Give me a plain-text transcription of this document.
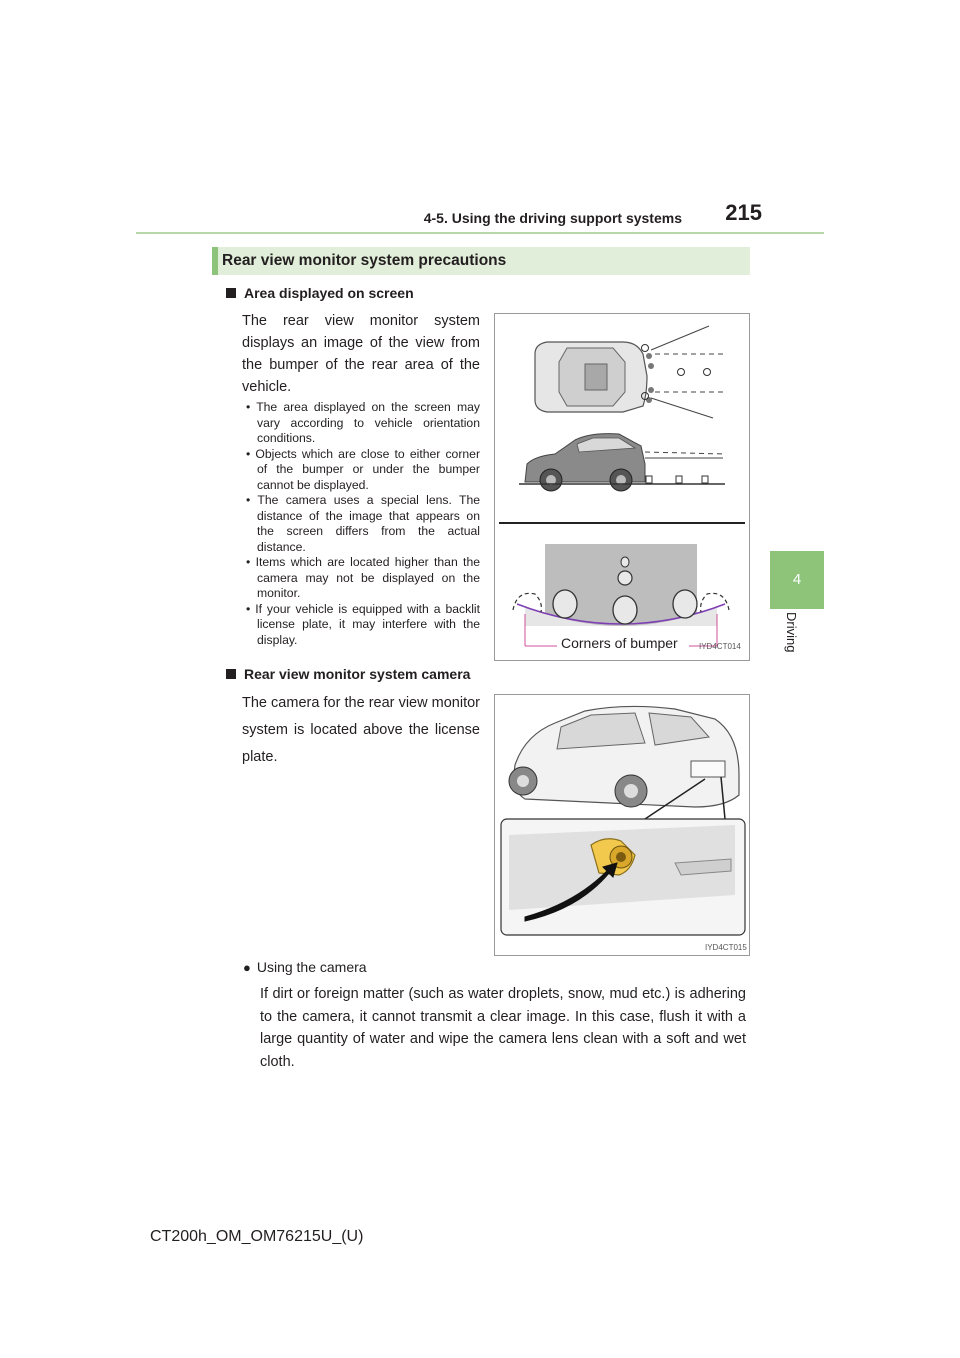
4-5. Using the driving support systems	215
4
Driving
Rear view monitor system precautions
Area displayed on screen
The rear view monitor system displays an image of the view from the bumper of the rear area of the vehicle.
• The area displayed on the screen may vary according to vehicle orientation conditions.
• Objects which are close to either corner of the bumper or under the bumper cannot be displayed.
• The camera uses a special lens. The distance of the image that appears on the screen differs from the actual distance.
• Items which are located higher than the camera may not be displayed on the monitor.
• If your vehicle is equipped with a backlit license plate, it may interfere with the display.	Corners of bumper	IYD4CT014
Rear view monitor system camera
The camera for the rear view monitor system is located above the license plate.
IYD4CT015
● Using the camera
If dirt or foreign matter (such as water droplets, snow, mud etc.) is adhering to the camera, it cannot transmit a clear image. In this case, flush it with a large quantity of water and wipe the camera lens clean with a soft and wet cloth.
CT200h_OM_OM76215U_(U)
